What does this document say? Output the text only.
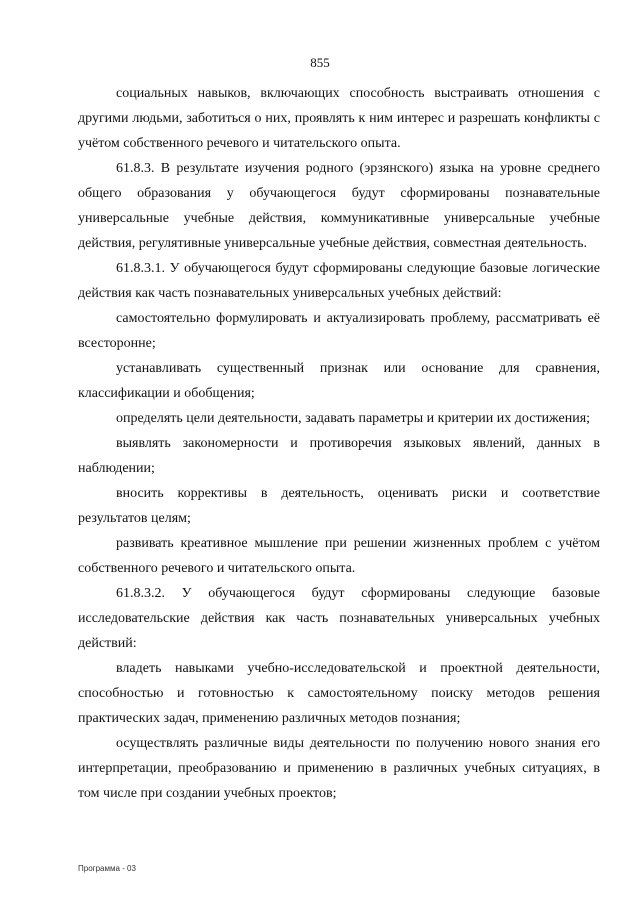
855

социальных навыков, включающих способность выстраивать отношения с другими людьми, заботиться о них, проявлять к ним интерес и разрешать конфликты с учётом собственного речевого и читательского опыта.

61.8.3. В результате изучения родного (эрзянского) языка на уровне среднего общего образования у обучающегося будут сформированы познавательные универсальные учебные действия, коммуникативные универсальные учебные действия, регулятивные универсальные учебные действия, совместная деятельность.

61.8.3.1. У обучающегося будут сформированы следующие базовые логические действия как часть познавательных универсальных учебных действий:

самостоятельно формулировать и актуализировать проблему, рассматривать её всесторонне;

устанавливать существенный признак или основание для сравнения, классификации и обобщения;

определять цели деятельности, задавать параметры и критерии их достижения;

выявлять закономерности и противоречия языковых явлений, данных в наблюдении;

вносить коррективы в деятельность, оценивать риски и соответствие результатов целям;

развивать креативное мышление при решении жизненных проблем с учётом собственного речевого и читательского опыта.

61.8.3.2. У обучающегося будут сформированы следующие базовые исследовательские действия как часть познавательных универсальных учебных действий:

владеть навыками учебно-исследовательской и проектной деятельности, способностью и готовностью к самостоятельному поиску методов решения практических задач, применению различных методов познания;

осуществлять различные виды деятельности по получению нового знания его интерпретации, преобразованию и применению в различных учебных ситуациях, в том числе при создании учебных проектов;

Программа - 03
